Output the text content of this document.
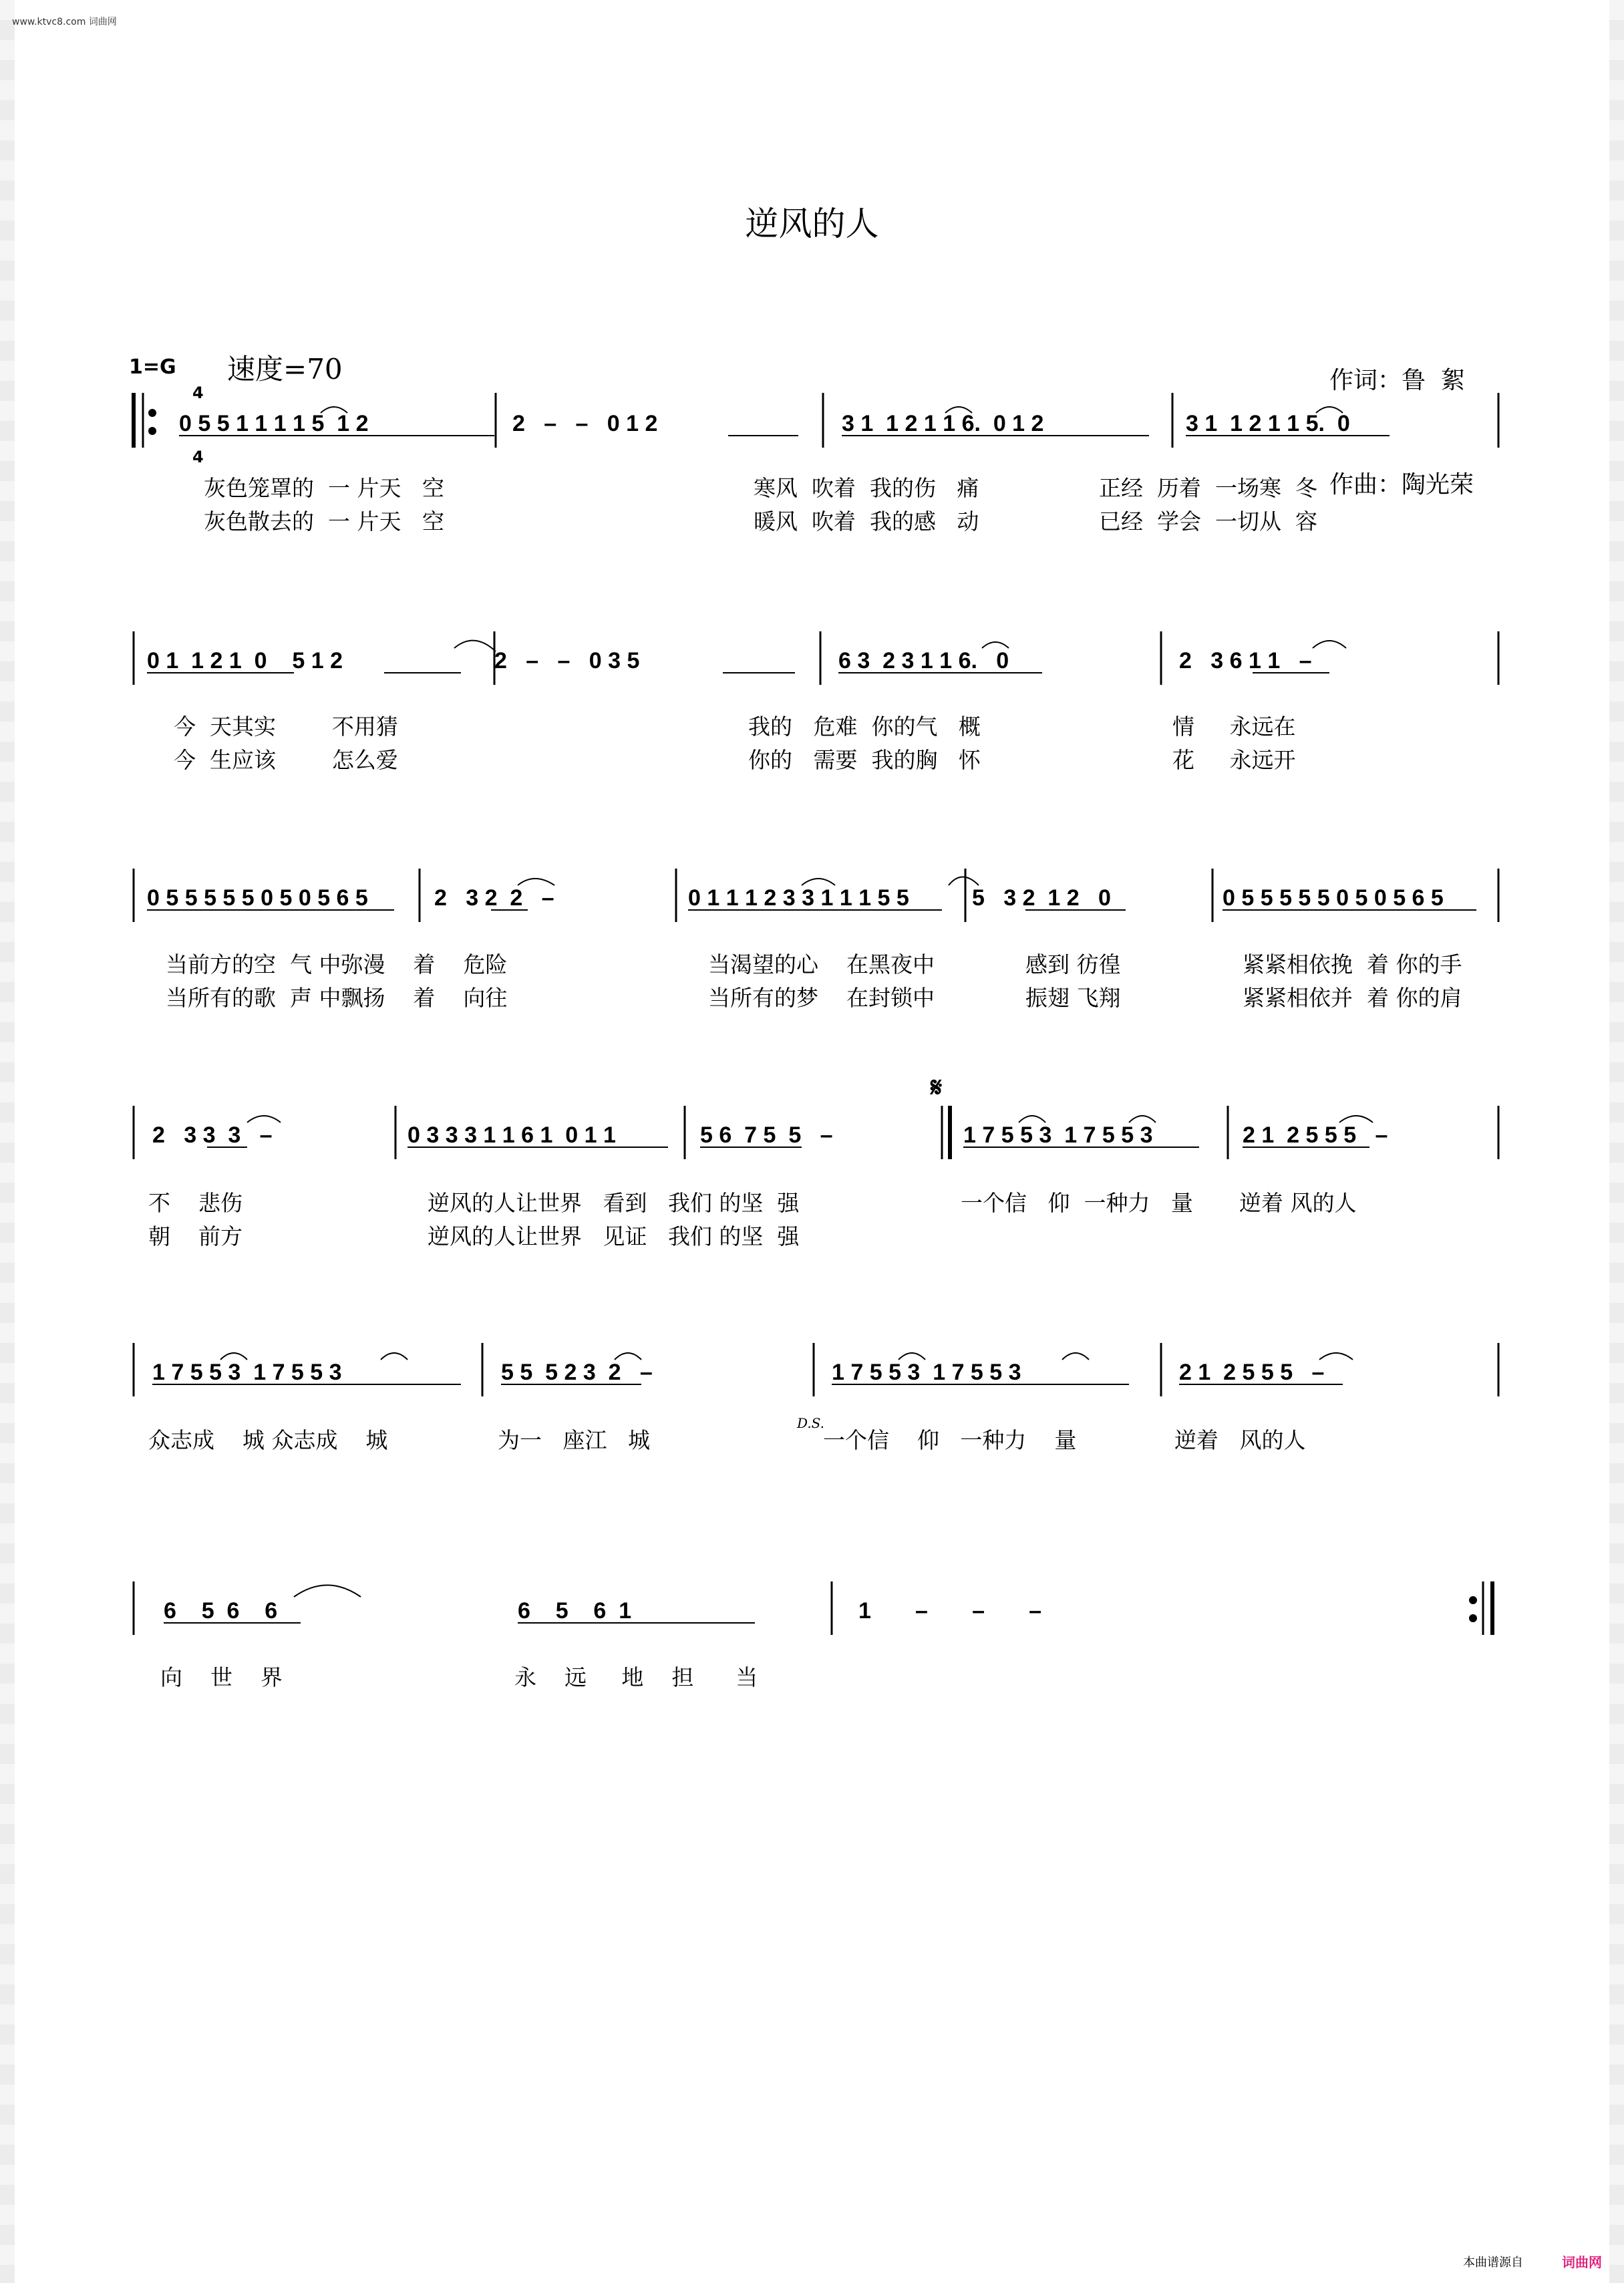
www.ktvc8.com 词曲网
逆风的人

作词：鲁  絮

作曲：陶光荣

1=G

4

4

速度=70
0 5 5 1 1 1 1 5  1 2	2   –   –   0 1 2	3 1  1 2 1 1 6.  0 1 2	3 1  1 2 1 1 5.  0
灰色笼罩的  一 片天   空	寒风  吹着  我的伤   痛	正经  历着  一场寒  冬
灰色散去的  一 片天   空	暖风  吹着  我的感   动	已经  学会  一切从  容
0 1  1 2 1  0    5 1 2	2   –   –   0 3 5	6 3  2 3 1 1 6.   0	2   3 6 1 1   –
今  天其实        不用猜	我的   危难  你的气   概	情     永远在
今  生应该        怎么爱	你的   需要  我的胸   怀	花     永远开
0 5 5 5 5 5 0 5 0 5 6 5	2   3 2  2   –	0 1 1 1 2 3 3 1 1 1 5 5	5   3 2  1 2   0	0 5 5 5 5 5 0 5 0 5 6 5
当前方的空  气 中弥漫    着    危险	当渴望的心    在黑夜中	感到 彷徨	紧紧相依挽  着 你的手
当所有的歌  声 中飘扬    着    向往	当所有的梦    在封锁中	振翅 飞翔	紧紧相依并  着 你的肩
𝄋
2   3 3  3   –	0 3 3 3 1 1 6 1  0 1 1	5 6  7 5  5   –	1 7 5 5 3  1 7 5 5 3	2 1  2 5 5 5   –
不    悲伤	逆风的人让世界   看到   我们 的坚  强	一个信   仰  一种力   量 逆着 风的人
朝    前方	逆风的人让世界   见证   我们 的坚  强
1 7 5 5 3  1 7 5 5 3	5 5  5 2 3  2   –	1 7 5 5 3  1 7 5 5 3	2 1  2 5 5 5   –
D.S.
众志成    城 众志成    城	为一   座江   城	一个信    仰   一种力    量	逆着   风的人
6    5  6    6	6    5    6  1	1       –       –       –
向    世    界	永    远     地    担      当
本曲谱源自	词曲网
